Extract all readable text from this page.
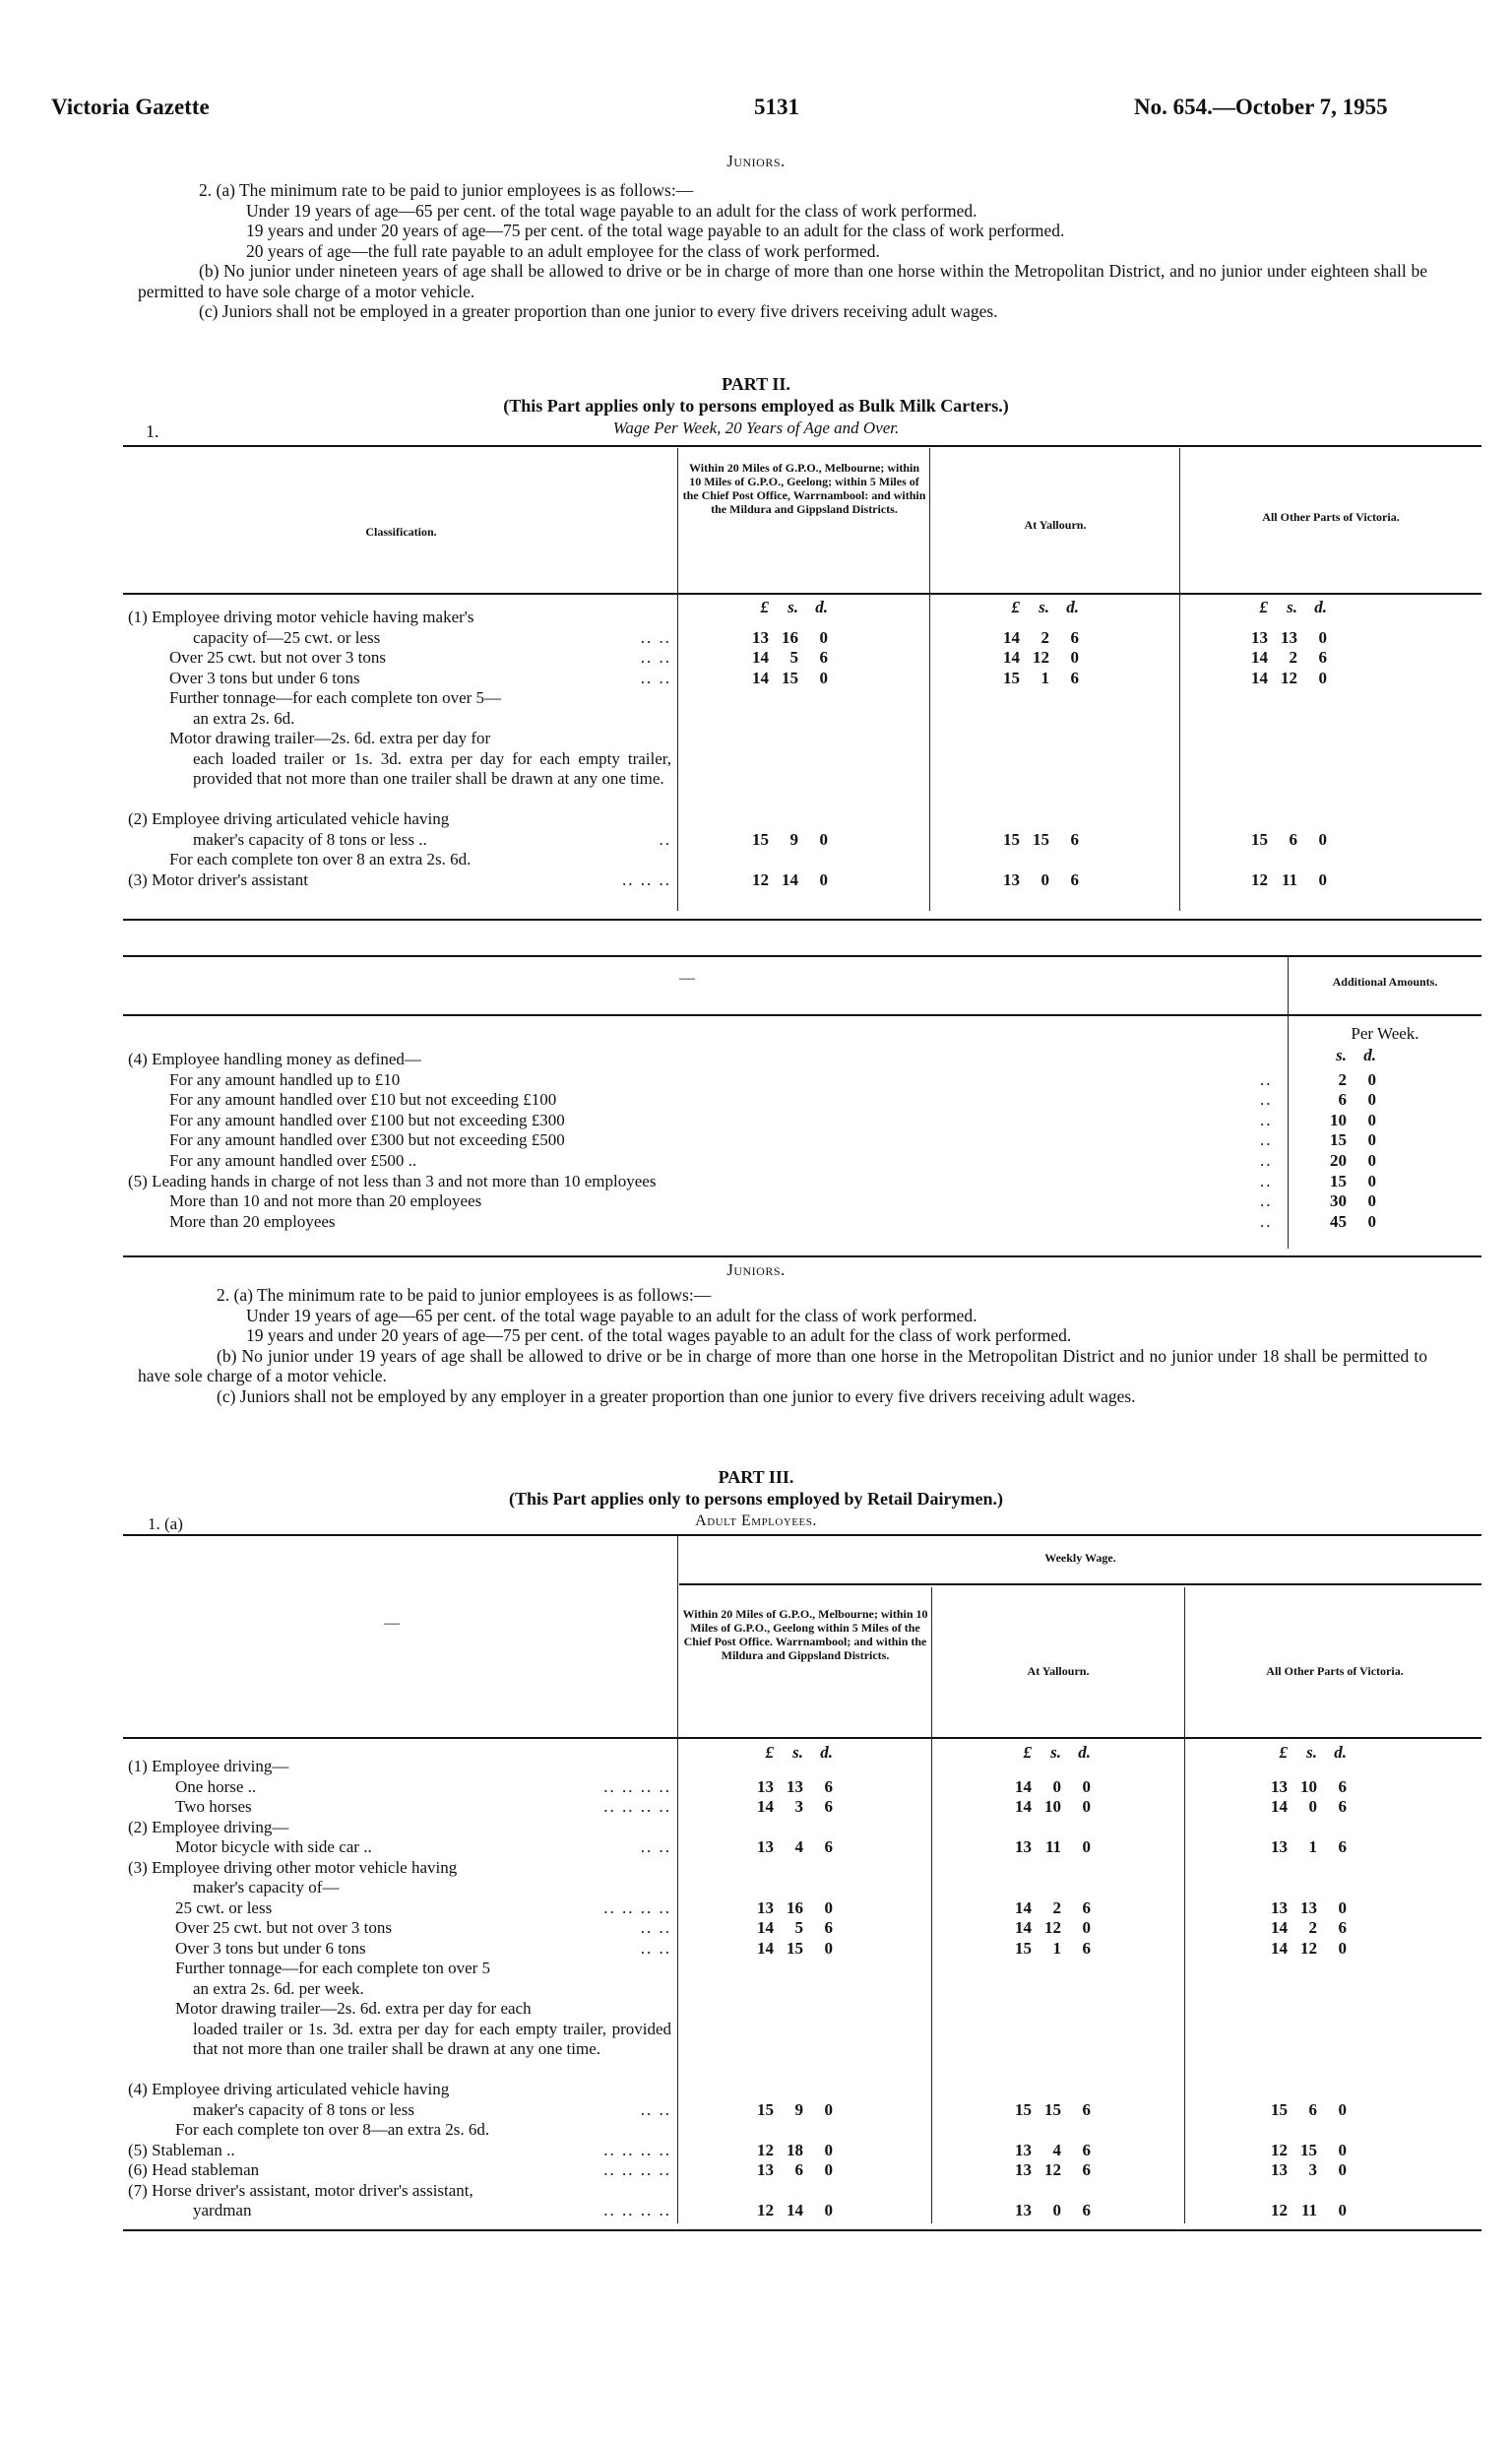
Victoria Gazette	5131	No. 654.—October 7, 1955
Juniors.

2. (a) The minimum rate to be paid to junior employees is as follows:—

Under 19 years of age—65 per cent. of the total wage payable to an adult for the class of work performed.

19 years and under 20 years of age—75 per cent. of the total wage payable to an adult for the class of work performed.

20 years of age—the full rate payable to an adult employee for the class of work performed.

(b) No junior under nineteen years of age shall be allowed to drive or be in charge of more than one horse within the Metropolitan District, and no junior under eighteen shall be permitted to have sole charge of a motor vehicle.

(c) Juniors shall not be employed in a greater proportion than one junior to every five drivers receiving adult wages.

PART II.
(This Part applies only to persons employed as Bulk Milk Carters.)
1.	Wage Per Week, 20 Years of Age and Over.
Classification.
Within 20 Miles of G.P.O., Melbourne; within 10 Miles of G.P.O., Geelong; within 5 Miles of the Chief Post Office, Warrnambool: and within the Mildura and Gippsland Districts.
At Yallourn.
All Other Parts of Victoria.
£ s. d.	£ s. d.	£ s. d.
(1) Employee driving motor vehicle having maker's
capacity of—25 cwt. or less	.. ..	13 16 0	14 2 6	13 13 0
Over 25 cwt. but not over 3 tons	.. ..	14 5 6	14 12 0	14 2 6
Over 3 tons but under 6 tons	.. ..	14 15 0	15 1 6	14 12 0
Further tonnage—for each complete ton over 5—
an extra 2s. 6d.
Motor drawing trailer—2s. 6d. extra per day for
each loaded trailer or 1s. 3d. extra per day for each empty trailer, provided that not more than one trailer shall be drawn at any one time.
(2) Employee driving articulated vehicle having
maker's capacity of 8 tons or less ..	..	15 9 0	15 15 6	15 6 0
For each complete ton over 8 an extra 2s. 6d.
(3) Motor driver's assistant	.. .. ..	12 14 0	13 0 6	12 11 0
—	Additional Amounts.
Per Week.
s. d.
(4) Employee handling money as defined—
For any amount handled up to £10	..	2 0
For any amount handled over £10 but not exceeding £100	..	6 0
For any amount handled over £100 but not exceeding £300	..	10 0
For any amount handled over £300 but not exceeding £500	..	15 0
For any amount handled over £500 ..	..	20 0
(5) Leading hands in charge of not less than 3 and not more than 10 employees	..	15 0
More than 10 and not more than 20 employees	..	30 0
More than 20 employees	..	45 0
Juniors.

2. (a) The minimum rate to be paid to junior employees is as follows:—

Under 19 years of age—65 per cent. of the total wage payable to an adult for the class of work performed.

19 years and under 20 years of age—75 per cent. of the total wages payable to an adult for the class of work performed.

(b) No junior under 19 years of age shall be allowed to drive or be in charge of more than one horse in the Metropolitan District and no junior under 18 shall be permitted to have sole charge of a motor vehicle.

(c) Juniors shall not be employed by any employer in a greater proportion than one junior to every five drivers receiving adult wages.

PART III.
(This Part applies only to persons employed by Retail Dairymen.)
1. (a)	Adult Employees.
—
Weekly Wage.
Within 20 Miles of G.P.O., Melbourne; within 10 Miles of G.P.O., Geelong within 5 Miles of the Chief Post Office. Warrnambool; and within the Mildura and Gippsland Districts.
At Yallourn.	All Other Parts of Victoria.
£ s. d.	£ s. d.	£ s. d.
(1) Employee driving—
One horse ..	.. .. .. ..	13 13 6	14 0 0	13 10 6
Two horses	.. .. .. ..	14 3 6	14 10 0	14 0 6
(2) Employee driving—
Motor bicycle with side car ..	.. ..	13 4 6	13 11 0	13 1 6
(3) Employee driving other motor vehicle having
maker's capacity of—
25 cwt. or less	.. .. .. ..	13 16 0	14 2 6	13 13 0
Over 25 cwt. but not over 3 tons	.. ..	14 5 6	14 12 0	14 2 6
Over 3 tons but under 6 tons	.. ..	14 15 0	15 1 6	14 12 0
Further tonnage—for each complete ton over 5
an extra 2s. 6d. per week.
Motor drawing trailer—2s. 6d. extra per day for each
loaded trailer or 1s. 3d. extra per day for each empty trailer, provided that not more than one trailer shall be drawn at any one time.
(4) Employee driving articulated vehicle having
maker's capacity of 8 tons or less	.. ..	15 9 0	15 15 6	15 6 0
For each complete ton over 8—an extra 2s. 6d.
(5) Stableman ..	.. .. .. ..	12 18 0	13 4 6	12 15 0
(6) Head stableman	.. .. .. ..	13 6 0	13 12 6	13 3 0
(7) Horse driver's assistant, motor driver's assistant,
yardman	.. .. .. ..	12 14 0	13 0 6	12 11 0
